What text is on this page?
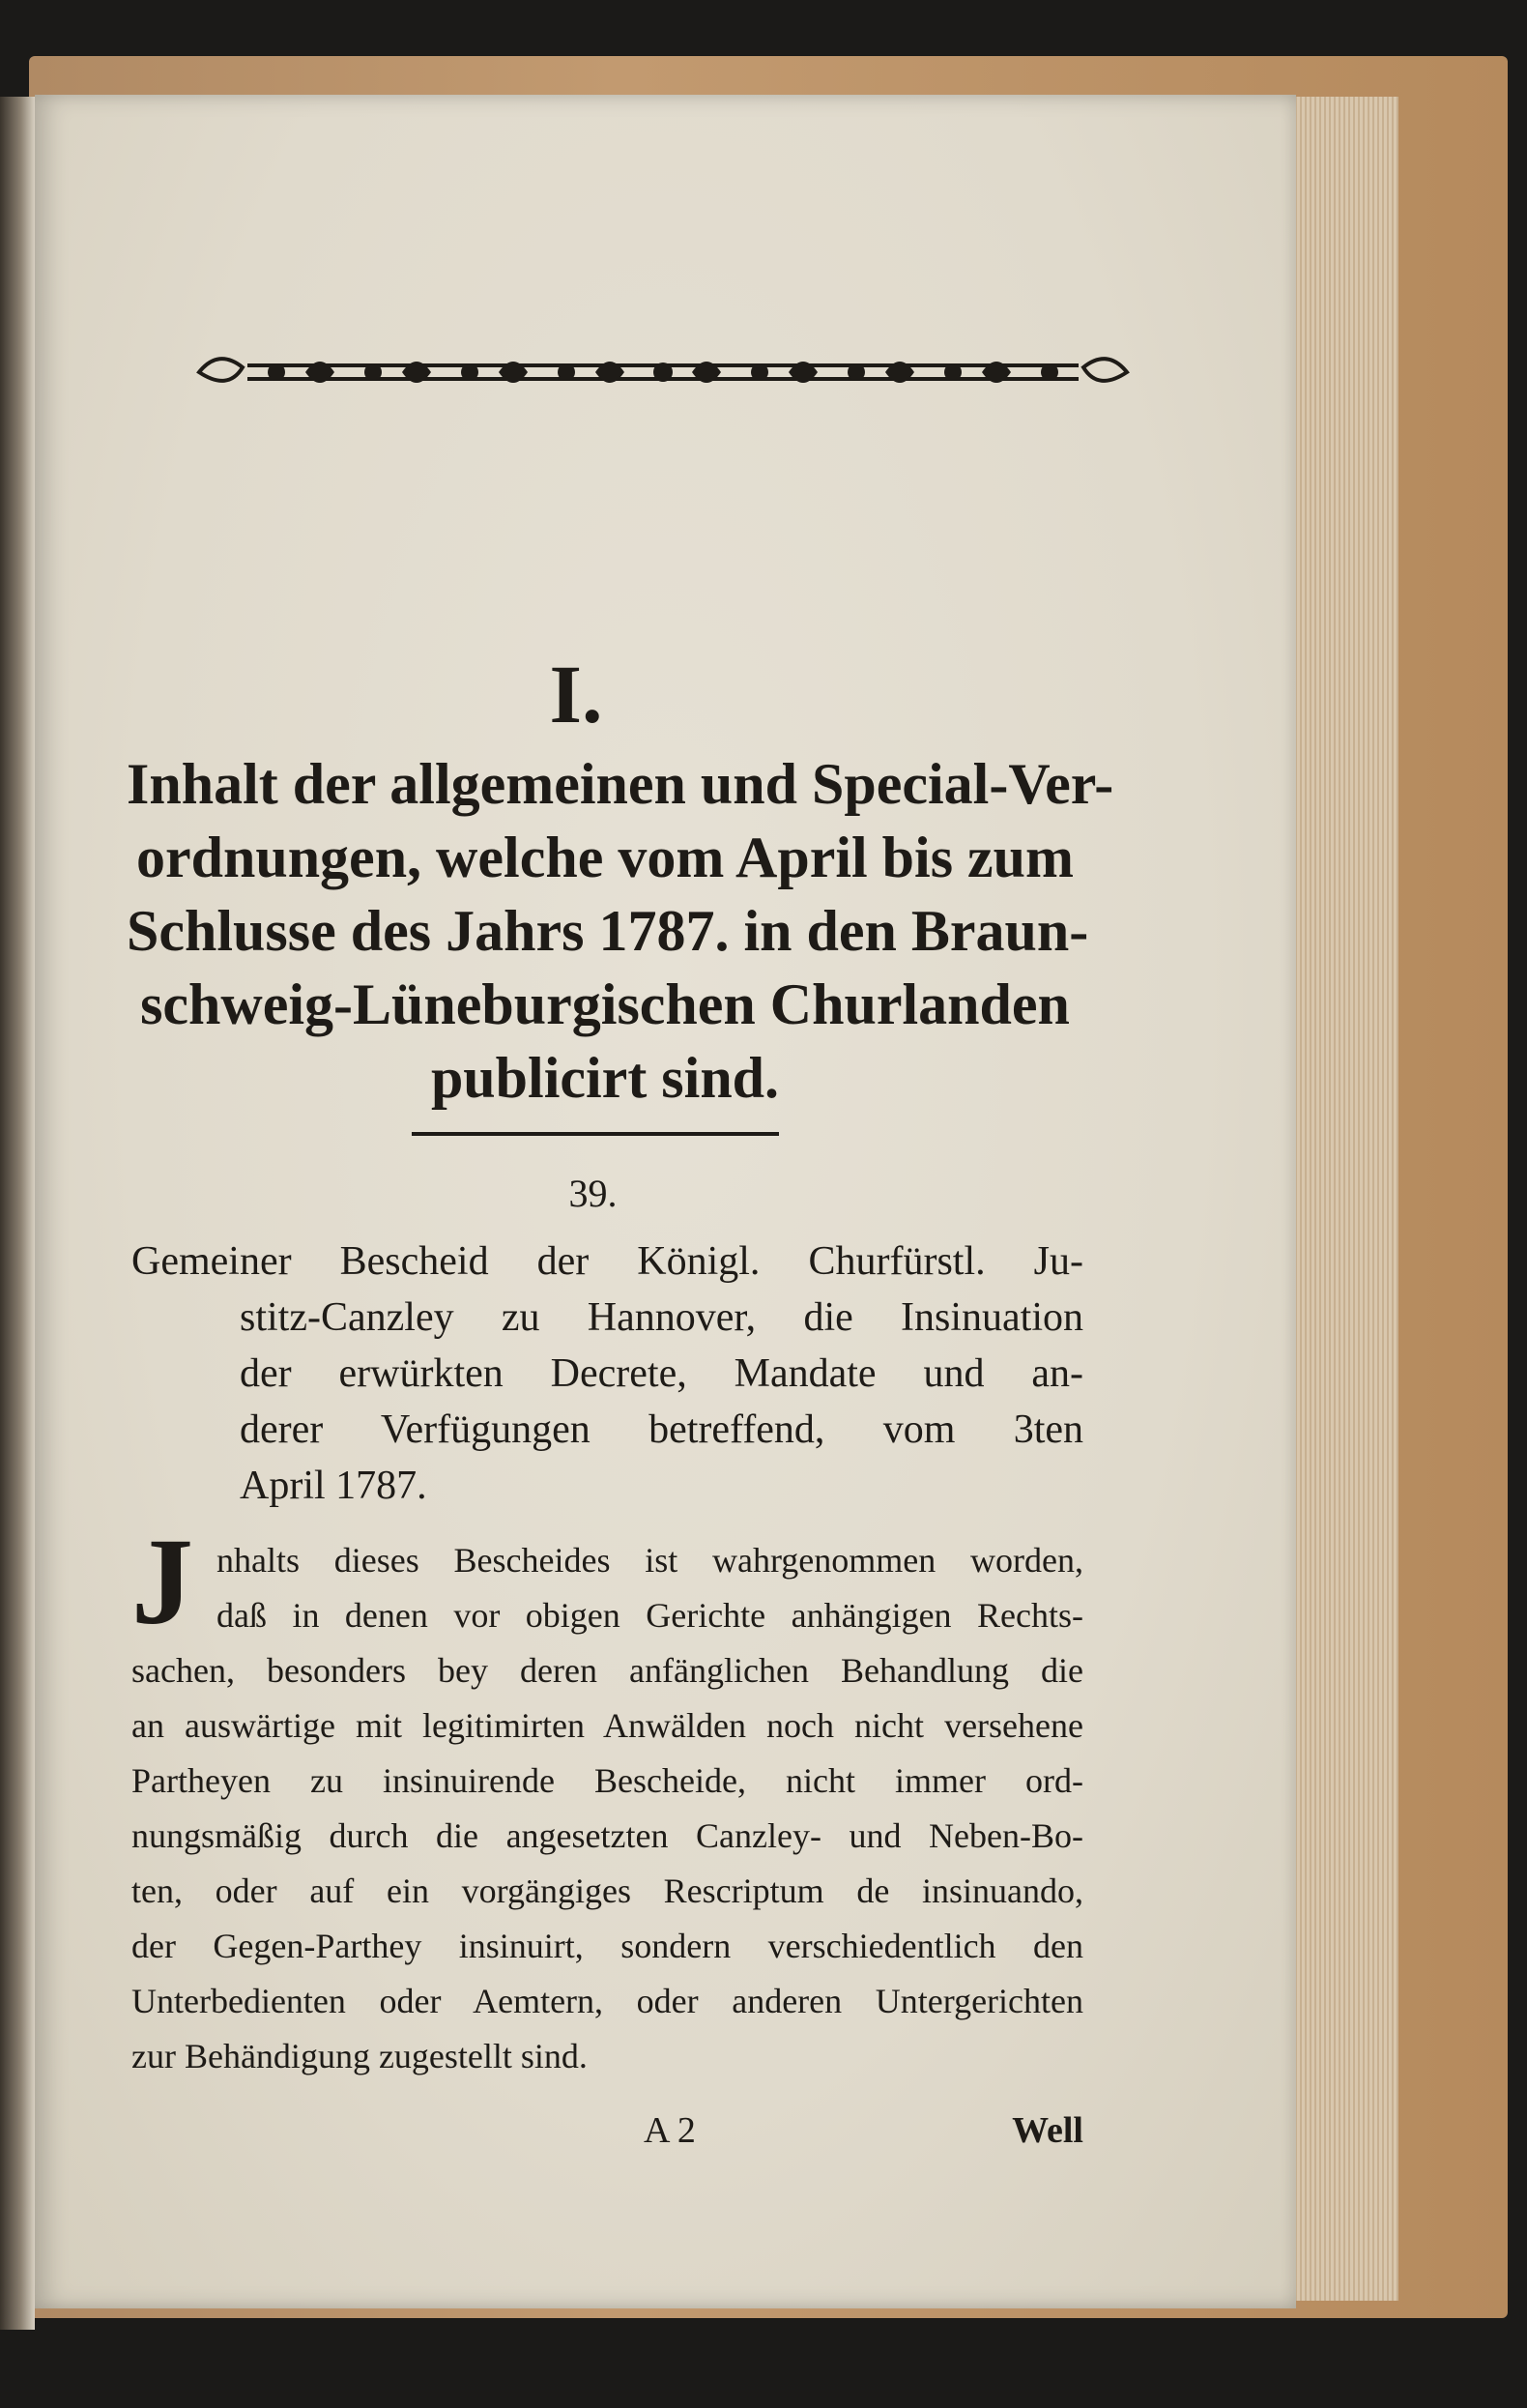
I.
Inhalt der allgemeinen und Special-Ver-
ordnungen, welche vom April bis zum
Schlusse des Jahrs 1787. in den Braun-
schweig-Lüneburgischen Churlanden
publicirt sind.
39.
Gemeiner Bescheid der Königl. Churfürstl. Ju-
stitz-Canzley zu Hannover, die Insinuation
der erwürkten Decrete, Mandate und an-
derer Verfügungen betreffend, vom 3ten
April 1787.
J nhalts dieses Bescheides ist wahrgenommen worden,
daß in denen vor obigen Gerichte anhängigen Rechts-
sachen, besonders bey deren anfänglichen Behandlung die
an auswärtige mit legitimirten Anwälden noch nicht versehene
Partheyen zu insinuirende Bescheide, nicht immer ord-
nungsmäßig durch die angesetzten Canzley- und Neben-Bo-
ten, oder auf ein vorgängiges Rescriptum de insinuando,
der Gegen-Parthey insinuirt, sondern verschiedentlich den
Unterbedienten oder Aemtern, oder anderen Untergerichten
zur Behändigung zugestellt sind.
A 2	Well
